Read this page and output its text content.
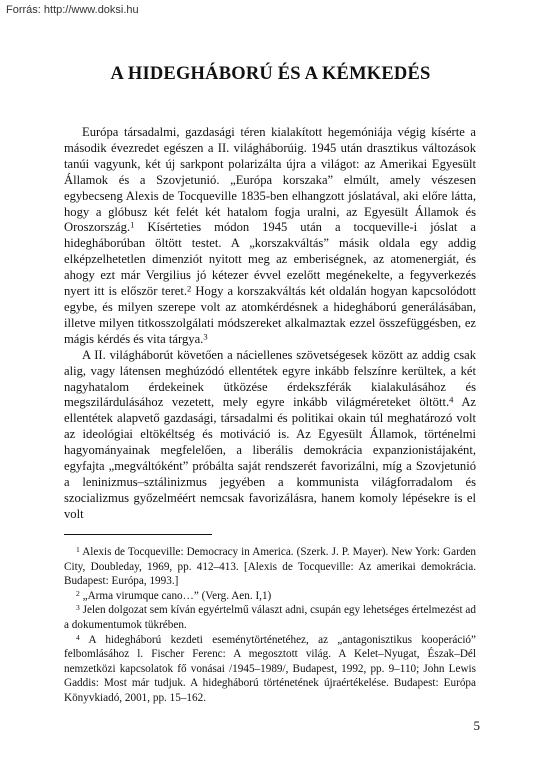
Forrás: http://www.doksi.hu
A HIDEGHÁBORÚ ÉS A KÉMKEDÉS

Európa társadalmi, gazdasági téren kialakított hegemóniája végig kísérte a második évezredet egészen a II. világháborúig. 1945 után drasztikus változások tanúi vagyunk, két új sarkpont polarizálta újra a világot: az Amerikai Egyesült Államok és a Szovjetunió. „Európa korszaka” elmúlt, amely vészesen egybecseng Alexis de Tocqueville 1835-ben elhangzott jóslatával, aki előre látta, hogy a glóbusz két felét két hatalom fogja uralni, az Egyesült Államok és Oroszország.$^1$ Kísérteties módon 1945 után a tocqueville-i jóslat a hidegháborúban öltött testet. A „korszakváltás” másik oldala egy addig elképzelhetetlen dimenziót nyitott meg az emberiségnek, az atomenergiát, és ahogy ezt már Vergilius jó kétezer évvel ezelőtt megénekelte, a fegyverkezés nyert itt is először teret.$^2$ Hogy a korszakváltás két oldalán hogyan kapcsolódott egybe, és milyen szerepe volt az atomkérdésnek a hidegháború generálásában, illetve milyen titkosszolgálati módszereket alkalmaztak ezzel összefüggésben, ez mágis kérdés és vita tárgya.$^3$

A II. világháborút követően a náciellenes szövetségesek között az addig csak alig, vagy látensen meghúzódó ellentétek egyre inkább felszínre kerültek, a két nagyhatalom érdekeinek ütközése érdekszférák kialakulásához és megszilárdulásához vezetett, mely egyre inkább világméreteket öltött.$^4$ Az ellentétek alapvető gazdasági, társadalmi és politikai okain túl meghatározó volt az ideológiai eltökéltség és motiváció is. Az Egyesült Államok, történelmi hagyományainak megfelelően, a liberális demokrácia expanzionistájaként, egyfajta „megváltóként” próbálta saját rendszerét favorizálni, míg a Szovjetunió a leninizmus–sztálinizmus jegyében a kommunista világforradalom és szocializmus győzelméért nemcsak favorizálásra, hanem komoly lépésekre is el volt

$^1$ Alexis de Tocqueville: Democracy in America. (Szerk. J. P. Mayer). New York: Garden City, Doubleday, 1969, pp. 412–413. [Alexis de Tocqueville: Az amerikai demokrácia. Budapest: Európa, 1993.]

$^2$ „Arma virumque cano…” (Verg. Aen. I,1)

$^3$ Jelen dolgozat sem kíván egyértelmű választ adni, csupán egy lehetséges értelmezést ad a dokumentumok tükrében.

$^4$ A hidegháború kezdeti eseménytörténetéhez, az „antagonisztikus kooperáció” felbomlásához l. Fischer Ferenc: A megosztott világ. A Kelet–Nyugat, Észak–Dél nemzetközi kapcsolatok fő vonásai /1945–1989/, Budapest, 1992, pp. 9–110; John Lewis Gaddis: Most már tudjuk. A hidegháború történetének újraértékelése. Budapest: Európa Könyvkiadó, 2001, pp. 15–162.

5
